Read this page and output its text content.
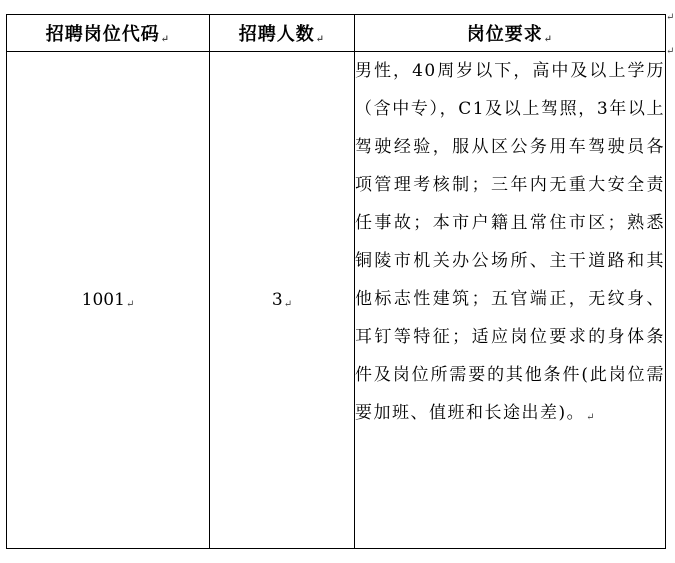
招聘岗位代码↵	招聘人数↵	岗位要求↵
1001↵	3↵	男性，40周岁以下，高中及以上学历（含中专），C1及以上驾照，3年以上驾驶经验，服从区公务用车驾驶员各项管理考核制；三年内无重大安全责任事故；本市户籍且常住市区；熟悉铜陵市机关办公场所、主干道路和其他标志性建筑；五官端正，无纹身、耳钉等特征；适应岗位要求的身体条件及岗位所需要的其他条件(此岗位需要加班、值班和长途出差)。↵
↵
↵
